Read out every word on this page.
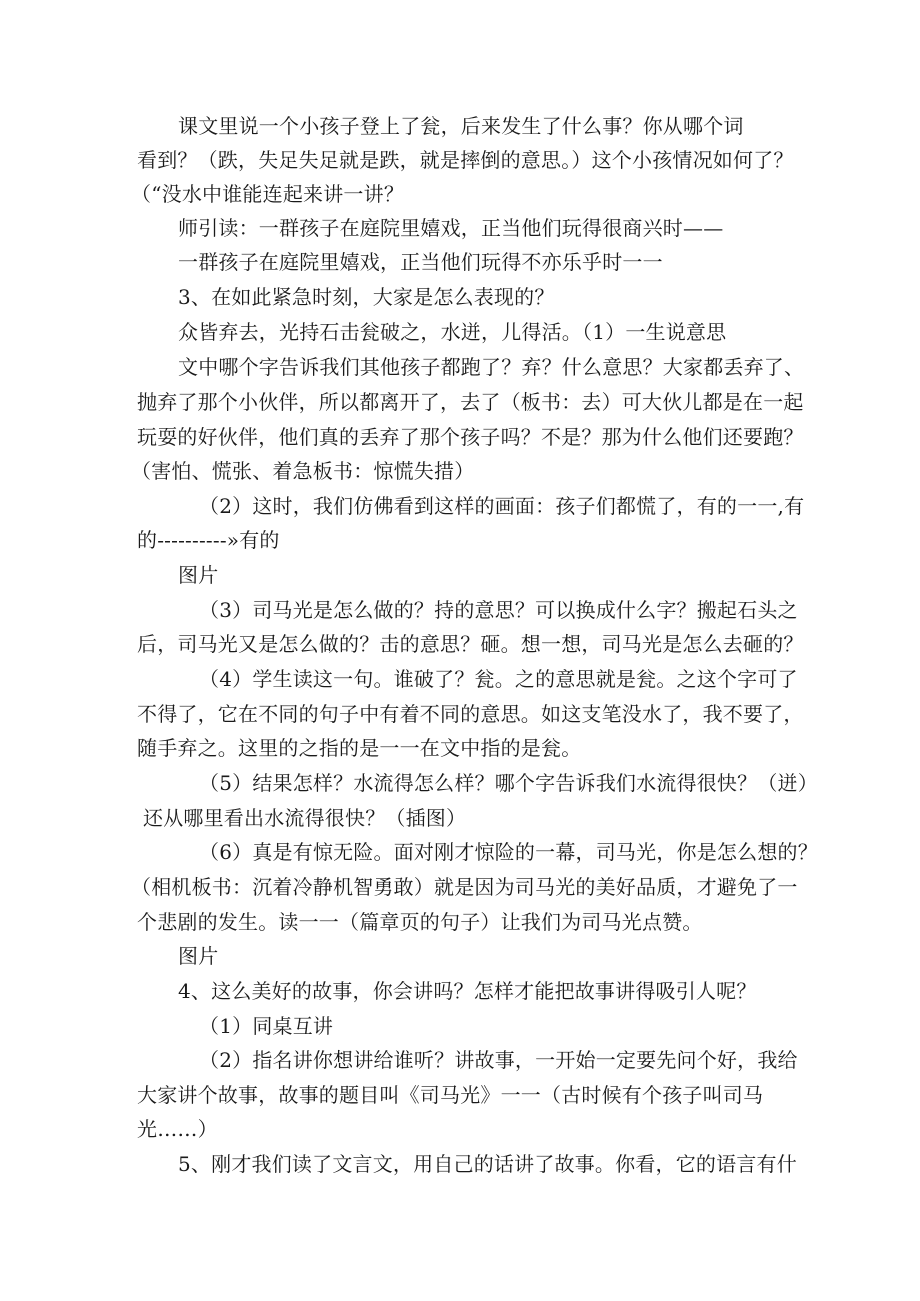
课文里说一个小孩子登上了瓮，后来发生了什么事？你从哪个词
看到？（跌，失足失足就是跌，就是摔倒的意思。）这个小孩情况如何了？
（“没水中谁能连起来讲一讲？
师引读：一群孩子在庭院里嬉戏，正当他们玩得很商兴时——
一群孩子在庭院里嬉戏，正当他们玩得不亦乐乎时一一
3、在如此紧急时刻，大家是怎么表现的？
众皆弃去，光持石击瓮破之，水迸，儿得活。（1）一生说意思
文中哪个字告诉我们其他孩子都跑了？弃？什么意思？大家都丢弃了、
抛弃了那个小伙伴，所以都离开了，去了（板书：去）可大伙儿都是在一起
玩耍的好伙伴，他们真的丢弃了那个孩子吗？不是？那为什么他们还要跑？
（害怕、慌张、着急板书：惊慌失措）
（2）这时，我们仿佛看到这样的画面：孩子们都慌了，有的一一,有
的----------»有的
图片
（3）司马光是怎么做的？持的意思？可以换成什么字？搬起石头之
后，司马光又是怎么做的？击的意思？砸。想一想，司马光是怎么去砸的？
（4）学生读这一句。谁破了？瓮。之的意思就是瓮。之这个字可了
不得了，它在不同的句子中有着不同的意思。如这支笔没水了，我不要了，
随手弃之。这里的之指的是一一在文中指的是瓮。
（5）结果怎样？水流得怎么样？哪个字告诉我们水流得很快？（迸）
还从哪里看出水流得很快？（插图）
（6）真是有惊无险。面对刚才惊险的一幕，司马光，你是怎么想的？
（相机板书：沉着冷静机智勇敢）就是因为司马光的美好品质，才避免了一
个悲剧的发生。读一一（篇章页的句子）让我们为司马光点赞。
图片
4、这么美好的故事，你会讲吗？怎样才能把故事讲得吸引人呢？
（1）同桌互讲
（2）指名讲你想讲给谁听？讲故事，一开始一定要先问个好，我给
大家讲个故事，故事的题目叫《司马光》一一（古时候有个孩子叫司马
光……）
5、刚才我们读了文言文，用自己的话讲了故事。你看，它的语言有什
